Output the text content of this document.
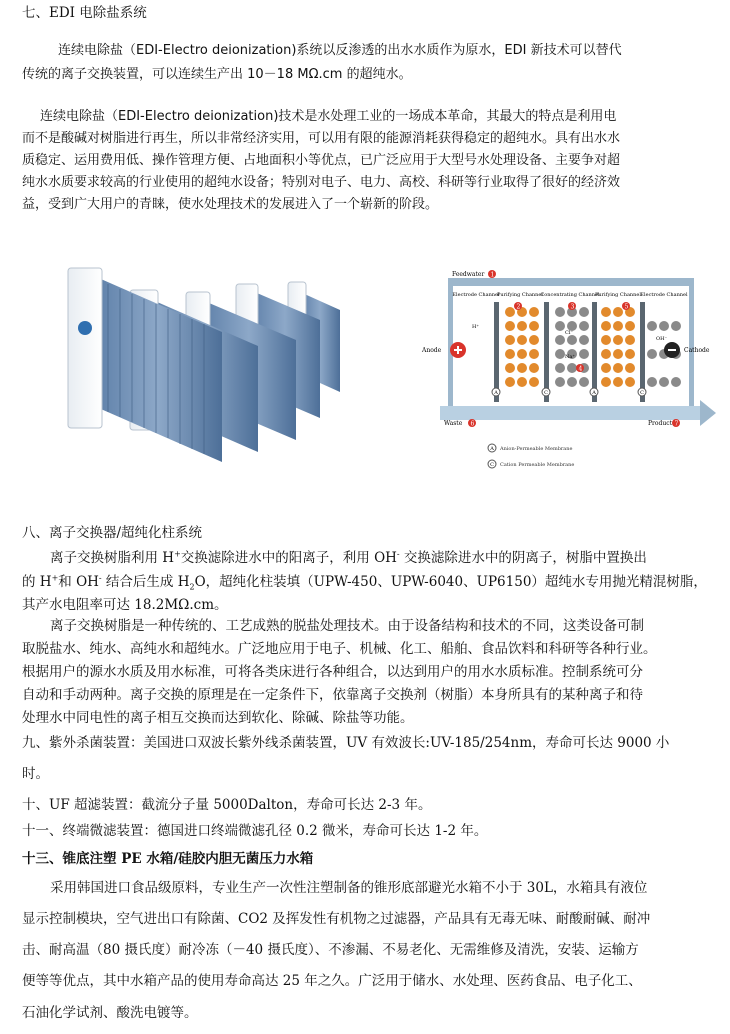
七、EDI 电除盐系统
连续电除盐（EDI-Electro deionization)系统以反渗透的出水水质作为原水，EDI 新技术可以替代
传统的离子交换装置，可以连续生产出 10－18 MΩ.cm 的超纯水。
连续电除盐（EDI-Electro deionization)技术是水处理工业的一场成本革命，其最大的特点是利用电
而不是酸碱对树脂进行再生，所以非常经济实用，可以用有限的能源消耗获得稳定的超纯水。具有出水水
质稳定、运用费用低、操作管理方便、占地面积小等优点，已广泛应用于大型号水处理设备、主要争对超
纯水水质要求较高的行业使用的超纯水设备；特别对电子、电力、高校、科研等行业取得了很好的经济效
益，受到广大用户的青睐，使水处理技术的发展进入了一个崭新的阶段。
Feedwater 1
Electrode Channel
Purifying Channel
Concentrating Channel
Purifying Channel Electrode Channel
H⁺
Cl⁻
Na⁺
OH⁻
2	3
4
5
Anode	Cathode
A	C	A	C
Waste 6	Product 7
A Anion-Permeable Membrane
C Cation Permeable Membrane
八、离子交换器/超纯化柱系统
离子交换树脂利用 H+交换滤除进水中的阳离子，利用 OH- 交换滤除进水中的阴离子，树脂中置换出
的 H+和 OH- 结合后生成 $H_2O$，超纯化柱装填（UPW-450、UPW-6040、UP6150）超纯水专用抛光精混树脂，
其产水电阻率可达 18.2MΩ.cm。
离子交换树脂是一种传统的、工艺成熟的脱盐处理技术。由于设备结构和技术的不同，这类设备可制
取脱盐水、纯水、高纯水和超纯水。广泛地应用于电子、机械、化工、船舶、食品饮料和科研等各种行业。
根据用户的源水水质及用水标准，可将各类床进行各种组合，以达到用户的用水水质标准。控制系统可分
自动和手动两种。离子交换的原理是在一定条件下，依靠离子交换剂（树脂）本身所具有的某种离子和待
处理水中同电性的离子相互交换而达到软化、除碱、除盐等功能。
九、紫外杀菌装置：美国进口双波长紫外线杀菌装置，UV 有效波长:UV-185/254nm，寿命可长达 9000 小
时。
十、UF 超滤装置：截流分子量 5000Dalton，寿命可长达 2-3 年。
十一、终端微滤装置：德国进口终端微滤孔径 0.2 微米，寿命可长达 1-2 年。
十三、锥底注塑 PE 水箱/硅胶内胆无菌压力水箱
采用韩国进口食品级原料，专业生产一次性注塑制备的锥形底部避光水箱不小于 30L，水箱具有液位
显示控制模块，空气进出口有除菌、CO2 及挥发性有机物之过滤器，产品具有无毒无味、耐酸耐碱、耐冲
击、耐高温（80 摄氏度）耐冷冻（－40 摄氏度）、不渗漏、不易老化、无需维修及清洗，安装、运输方
便等等优点，其中水箱产品的使用寿命高达 25 年之久。广泛用于储水、水处理、医药食品、电子化工、
石油化学试剂、酸洗电镀等。
